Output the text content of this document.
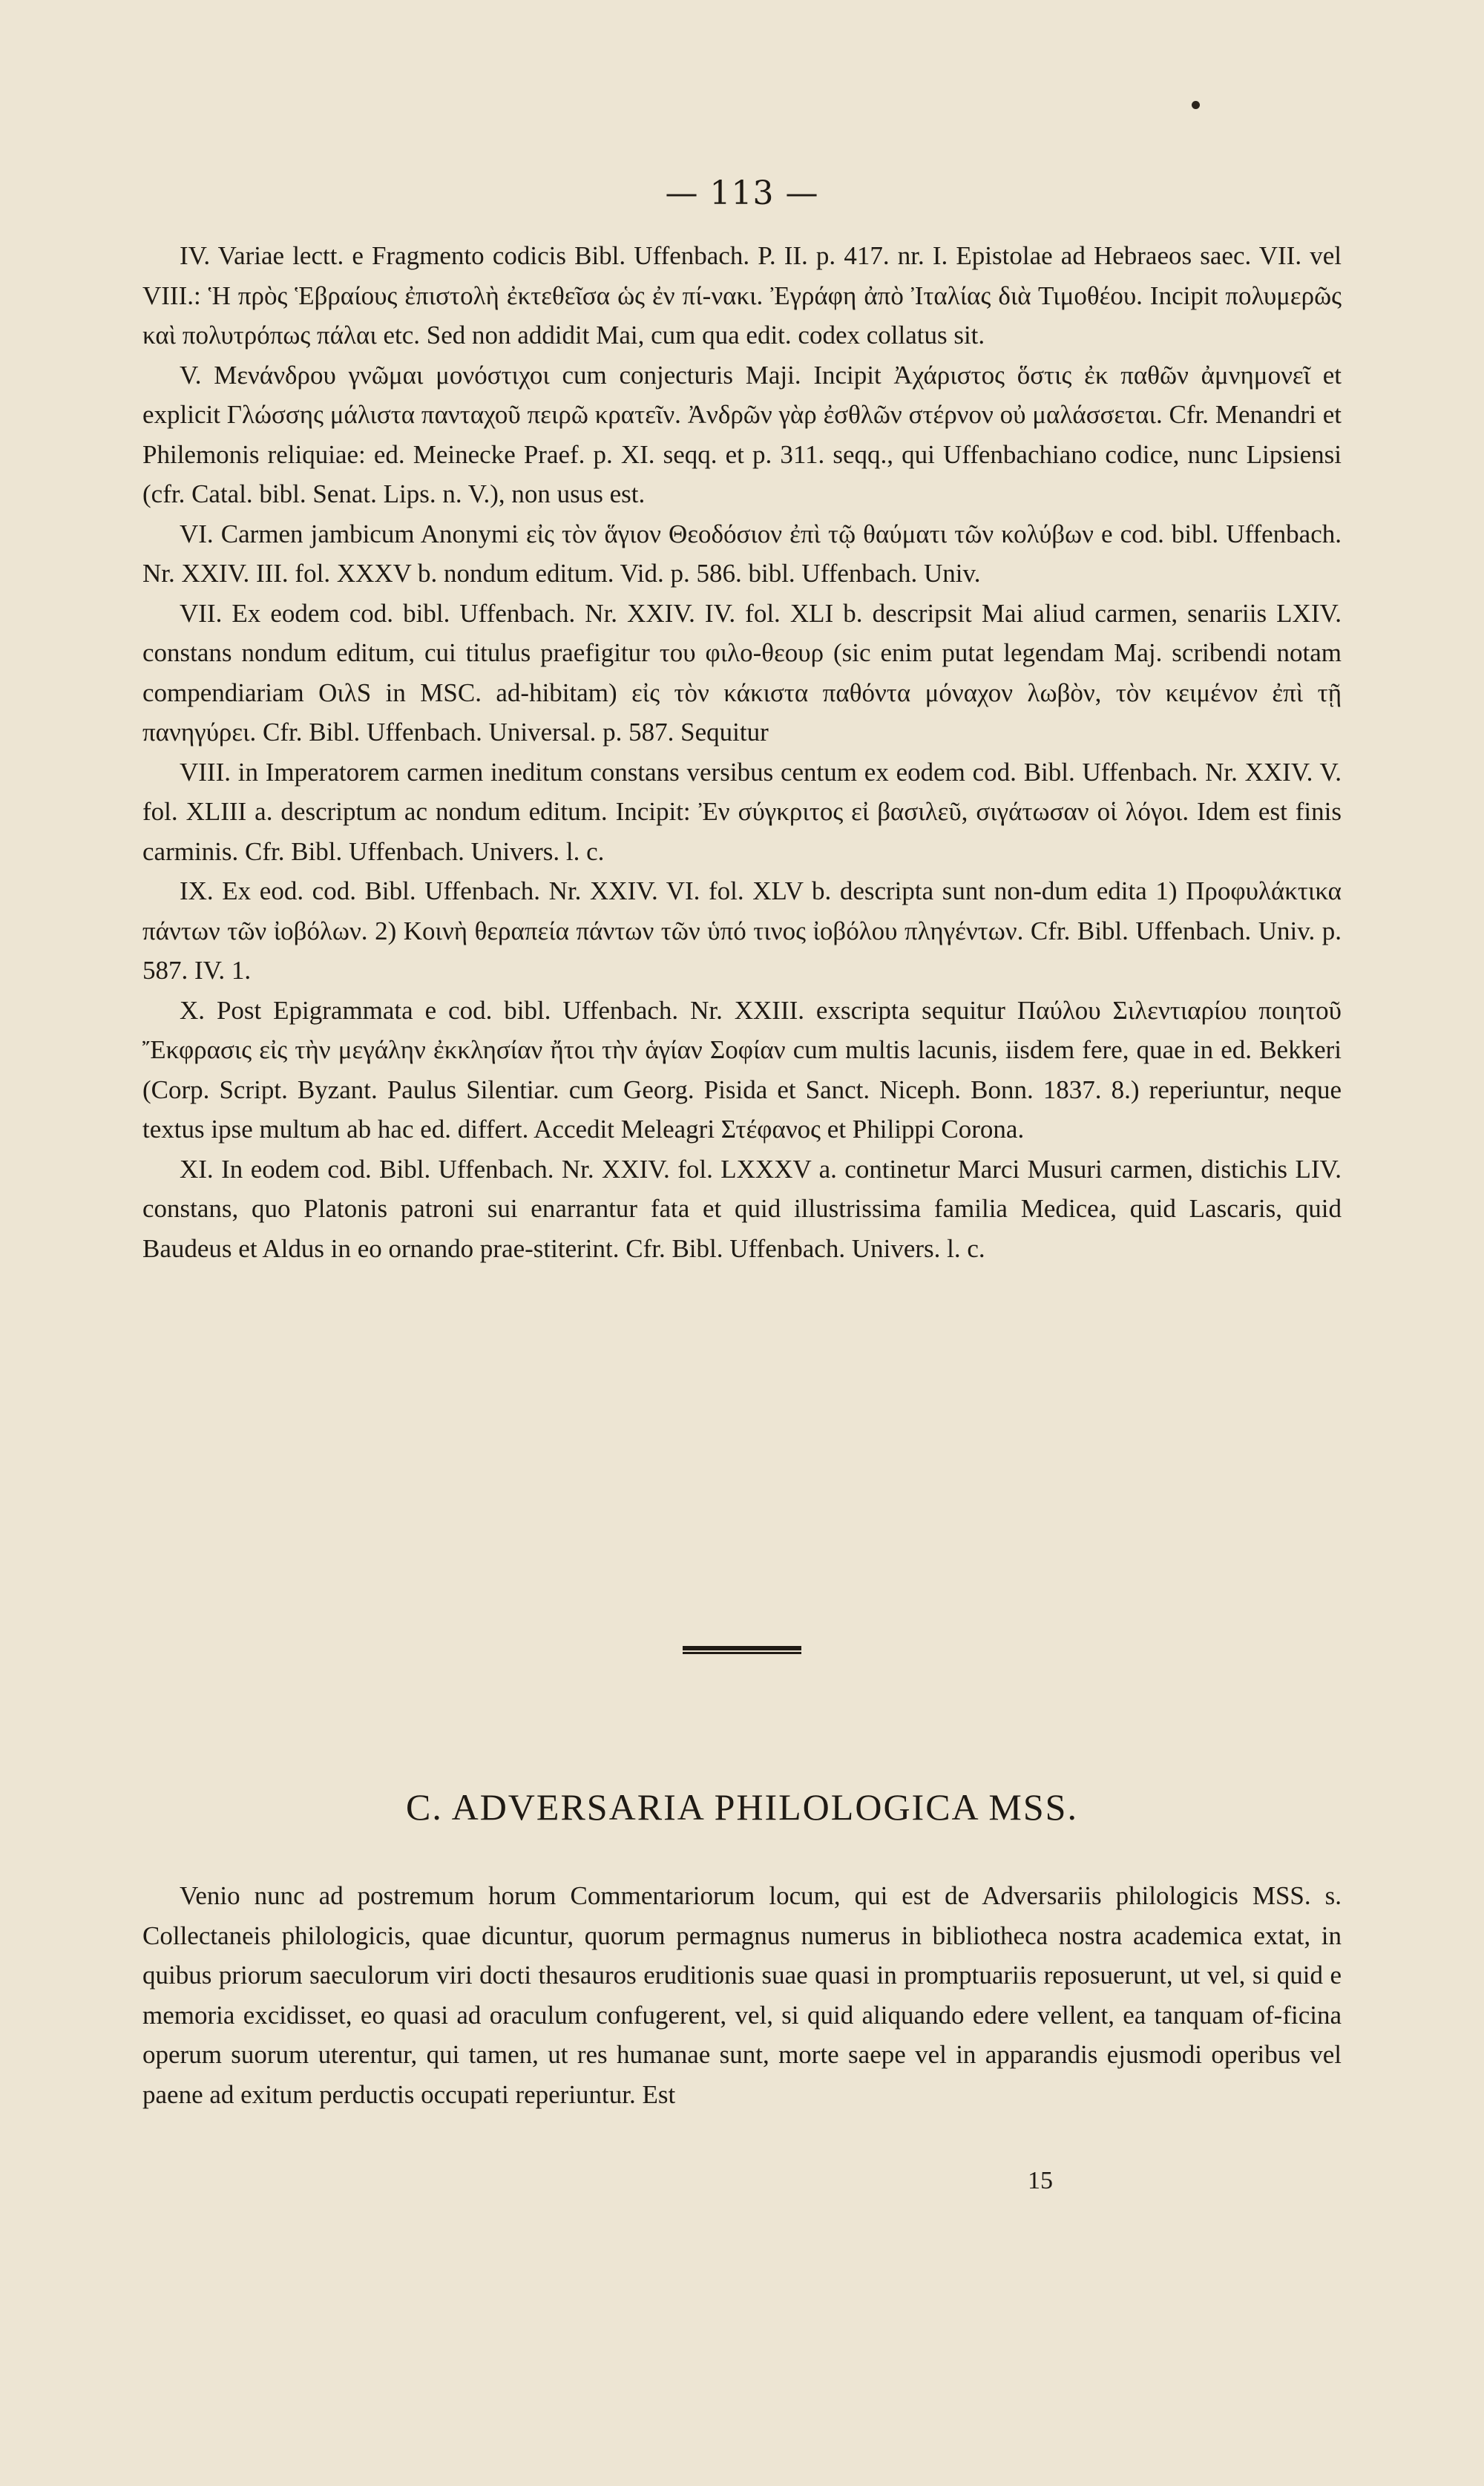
— 113 —

IV. Variae lectt. e Fragmento codicis Bibl. Uffenbach. P. II. p. 417. nr. I. Epistolae ad Hebraeos saec. VII. vel VIII.: Ἡ πρὸς Ἑβραίους ἐπιστολὴ ἐκτεθεῖσα ὡς ἐν πί-νακι. Ἐγράφη ἀπὸ Ἰταλίας διὰ Τιμοθέου. Incipit πολυμερῶς καὶ πολυτρόπως πάλαι etc. Sed non addidit Mai, cum qua edit. codex collatus sit.

V. Μενάνδρου γνῶμαι μονόστιχοι cum conjecturis Maji. Incipit Ἀχάριστος ὅστις ἐκ παθῶν ἀμνημονεῖ et explicit Γλώσσης μάλιστα πανταχοῦ πειρῶ κρατεῖν. Ἀνδρῶν γὰρ ἐσθλῶν στέρνον οὐ μαλάσσεται. Cfr. Menandri et Philemonis reliquiae: ed. Meinecke Praef. p. XI. seqq. et p. 311. seqq., qui Uffenbachiano codice, nunc Lipsiensi (cfr. Catal. bibl. Senat. Lips. n. V.), non usus est.

VI. Carmen jambicum Anonymi εἰς τὸν ἅγιον Θεοδόσιον ἐπὶ τῷ θαύματι τῶν κολύβων e cod. bibl. Uffenbach. Nr. XXIV. III. fol. XXXV b. nondum editum. Vid. p. 586. bibl. Uffenbach. Univ.

VII. Ex eodem cod. bibl. Uffenbach. Nr. XXIV. IV. fol. XLI b. descripsit Mai aliud carmen, senariis LXIV. constans nondum editum, cui titulus praefigitur του φιλο-θεουρ (sic enim putat legendam Maj. scribendi notam compendiariam ΟιλS in MSC. ad-hibitam) εἰς τὸν κάκιστα παθόντα μόναχον λωβὸν, τὸν κειμένον ἐπὶ τῇ πανηγύρει. Cfr. Bibl. Uffenbach. Universal. p. 587. Sequitur

VIII. in Imperatorem carmen ineditum constans versibus centum ex eodem cod. Bibl. Uffenbach. Nr. XXIV. V. fol. XLIII a. descriptum ac nondum editum. Incipit: Ἐν σύγκριτος εἰ βασιλεῦ, σιγάτωσαν οἱ λόγοι. Idem est finis carminis. Cfr. Bibl. Uffenbach. Univers. l. c.

IX. Ex eod. cod. Bibl. Uffenbach. Nr. XXIV. VI. fol. XLV b. descripta sunt non-dum edita 1) Προφυλάκτικα πάντων τῶν ἰοβόλων. 2) Κοινὴ θεραπεία πάντων τῶν ὑπό τινος ἰοβόλου πληγέντων. Cfr. Bibl. Uffenbach. Univ. p. 587. IV. 1.

X. Post Epigrammata e cod. bibl. Uffenbach. Nr. XXIII. exscripta sequitur Παύλου Σιλεντιαρίου ποιητοῦ Ἔκφρασις εἰς τὴν μεγάλην ἐκκλησίαν ἤτοι τὴν ἁγίαν Σοφίαν cum multis lacunis, iisdem fere, quae in ed. Bekkeri (Corp. Script. Byzant. Paulus Silentiar. cum Georg. Pisida et Sanct. Niceph. Bonn. 1837. 8.) reperiuntur, neque textus ipse multum ab hac ed. differt. Accedit Meleagri Στέφανος et Philippi Corona.

XI. In eodem cod. Bibl. Uffenbach. Nr. XXIV. fol. LXXXV a. continetur Marci Musuri carmen, distichis LIV. constans, quo Platonis patroni sui enarrantur fata et quid illustrissima familia Medicea, quid Lascaris, quid Baudeus et Aldus in eo ornando prae-stiterint. Cfr. Bibl. Uffenbach. Univers. l. c.

C. ADVERSARIA PHILOLOGICA MSS.

Venio nunc ad postremum horum Commentariorum locum, qui est de Adversariis philologicis MSS. s. Collectaneis philologicis, quae dicuntur, quorum permagnus numerus in bibliotheca nostra academica extat, in quibus priorum saeculorum viri docti thesauros eruditionis suae quasi in promptuariis reposuerunt, ut vel, si quid e memoria excidisset, eo quasi ad oraculum confugerent, vel, si quid aliquando edere vellent, ea tanquam of-ficina operum suorum uterentur, qui tamen, ut res humanae sunt, morte saepe vel in apparandis ejusmodi operibus vel paene ad exitum perductis occupati reperiuntur. Est

15
